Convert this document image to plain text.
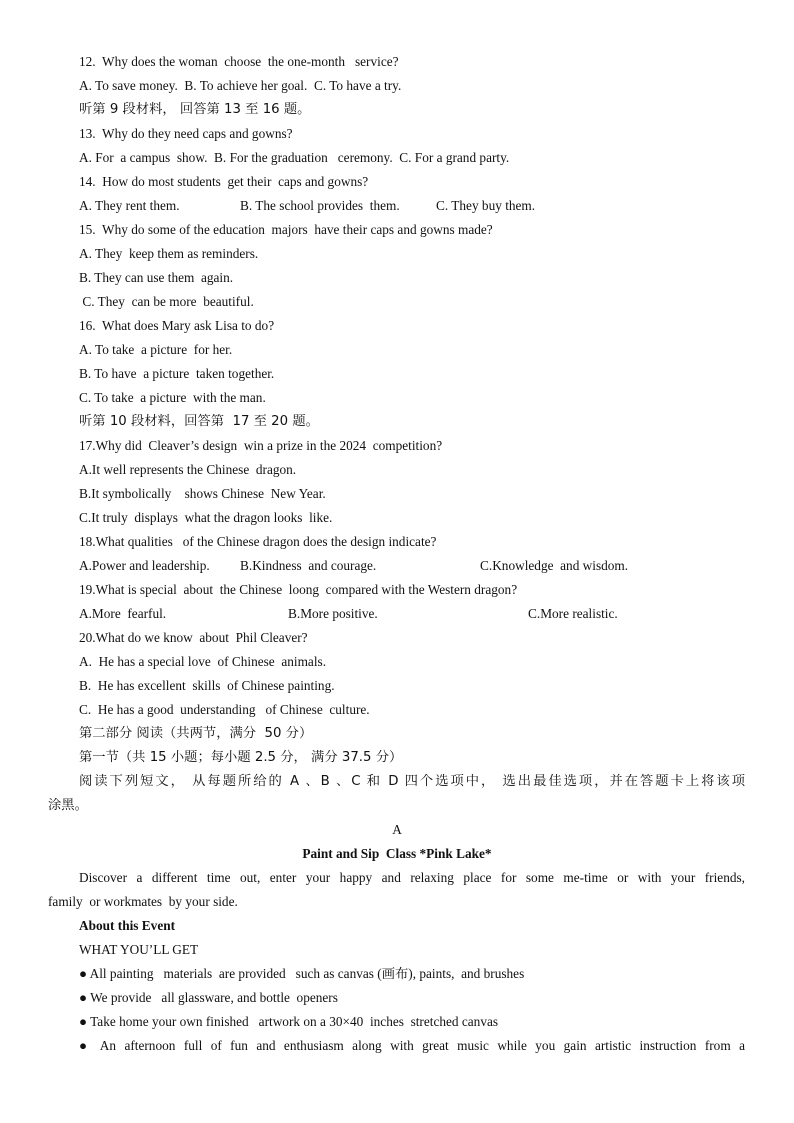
12.  Why does the woman  choose  the one-month   service?
A. To save money.  B. To achieve her goal.  C. To have a try.
听第 9 段材料， 回答第 13 至 16 题。
13.  Why do they need caps and gowns?
A. For  a campus  show.  B. For the graduation   ceremony.  C. For a grand party.
14.  How do most students  get their  caps and gowns?
A. They rent them.	B. The school provides  them.	C. They buy them.
15.  Why do some of the education  majors  have their caps and gowns made?
A. They  keep them as reminders.
B. They can use them  again.
C. They  can be more  beautiful.
16.  What does Mary ask Lisa to do?
A. To take  a picture  for her.
B. To have  a picture  taken together.
C. To take  a picture  with the man.
听第 10 段材料，回答第  17 至 20 题。
17.Why did  Cleaver’s design  win a prize in the 2024  competition?
A.It well represents the Chinese  dragon.
B.It symbolically    shows Chinese  New Year.
C.It truly  displays  what the dragon looks  like.
18.What qualities   of the Chinese dragon does the design indicate?
A.Power and leadership. B.Kindness  and courage.	C.Knowledge  and wisdom.
19.What is special  about  the Chinese  loong  compared with the Western dragon?
A.More  fearful.	B.More positive.	C.More realistic.
20.What do we know  about  Phil Cleaver?
A.  He has a special love  of Chinese  animals.
B.  He has excellent  skills  of Chinese painting.
C.  He has a good  understanding   of Chinese  culture.
第二部分 阅读（共两节，满分  50 分）
第一节（共 15 小题；每小题 2.5 分， 满分 37.5 分）
阅读下列短文， 从每题所给的 A 、B 、C 和 D 四个选项中， 选出最佳选项，并在答题卡上将该项
涂黑。
A
Paint and Sip  Class *Pink Lake*
Discover a different time out, enter your happy and relaxing place for some me-time or with your friends,
family  or workmates  by your side.
About this Event
WHAT YOU’LL GET
● All painting   materials  are provided   such as canvas (画布), paints,  and brushes
● We provide   all glassware, and bottle  openers
● Take home your own finished   artwork on a 30×40  inches  stretched canvas
● An afternoon full of fun and enthusiasm along with great music while you gain artistic instruction from a
